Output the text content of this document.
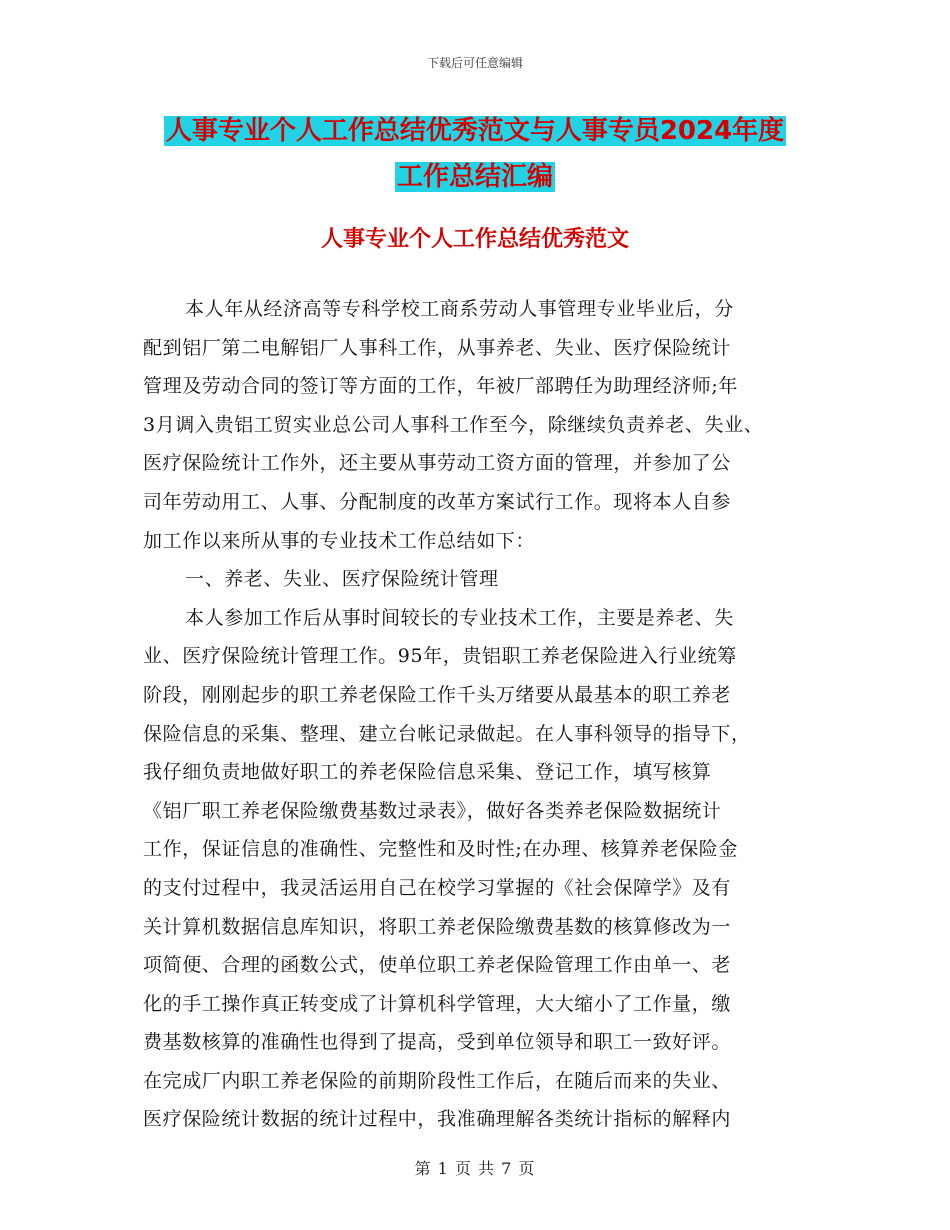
下载后可任意编辑
人事专业个人工作总结优秀范文与人事专员2024年度
工作总结汇编
人事专业个人工作总结优秀范文
本人年从经济高等专科学校工商系劳动人事管理专业毕业后，分
配到铝厂第二电解铝厂人事科工作，从事养老、失业、医疗保险统计
管理及劳动合同的签订等方面的工作，年被厂部聘任为助理经济师;年
3月调入贵铝工贸实业总公司人事科工作至今，除继续负责养老、失业、
医疗保险统计工作外，还主要从事劳动工资方面的管理，并参加了公
司年劳动用工、人事、分配制度的改革方案试行工作。现将本人自参
加工作以来所从事的专业技术工作总结如下：
一、养老、失业、医疗保险统计管理
本人参加工作后从事时间较长的专业技术工作，主要是养老、失
业、医疗保险统计管理工作。95年，贵铝职工养老保险进入行业统筹
阶段，刚刚起步的职工养老保险工作千头万绪要从最基本的职工养老
保险信息的采集、整理、建立台帐记录做起。在人事科领导的指导下，
我仔细负责地做好职工的养老保险信息采集、登记工作，填写核算
《铝厂职工养老保险缴费基数过录表》，做好各类养老保险数据统计
工作，保证信息的准确性、完整性和及时性;在办理、核算养老保险金
的支付过程中，我灵活运用自己在校学习掌握的《社会保障学》及有
关计算机数据信息库知识，将职工养老保险缴费基数的核算修改为一
项简便、合理的函数公式，使单位职工养老保险管理工作由单一、老
化的手工操作真正转变成了计算机科学管理，大大缩小了工作量，缴
费基数核算的准确性也得到了提高，受到单位领导和职工一致好评。
在完成厂内职工养老保险的前期阶段性工作后，在随后而来的失业、
医疗保险统计数据的统计过程中，我准确理解各类统计指标的解释内
第 1 页 共 7 页
